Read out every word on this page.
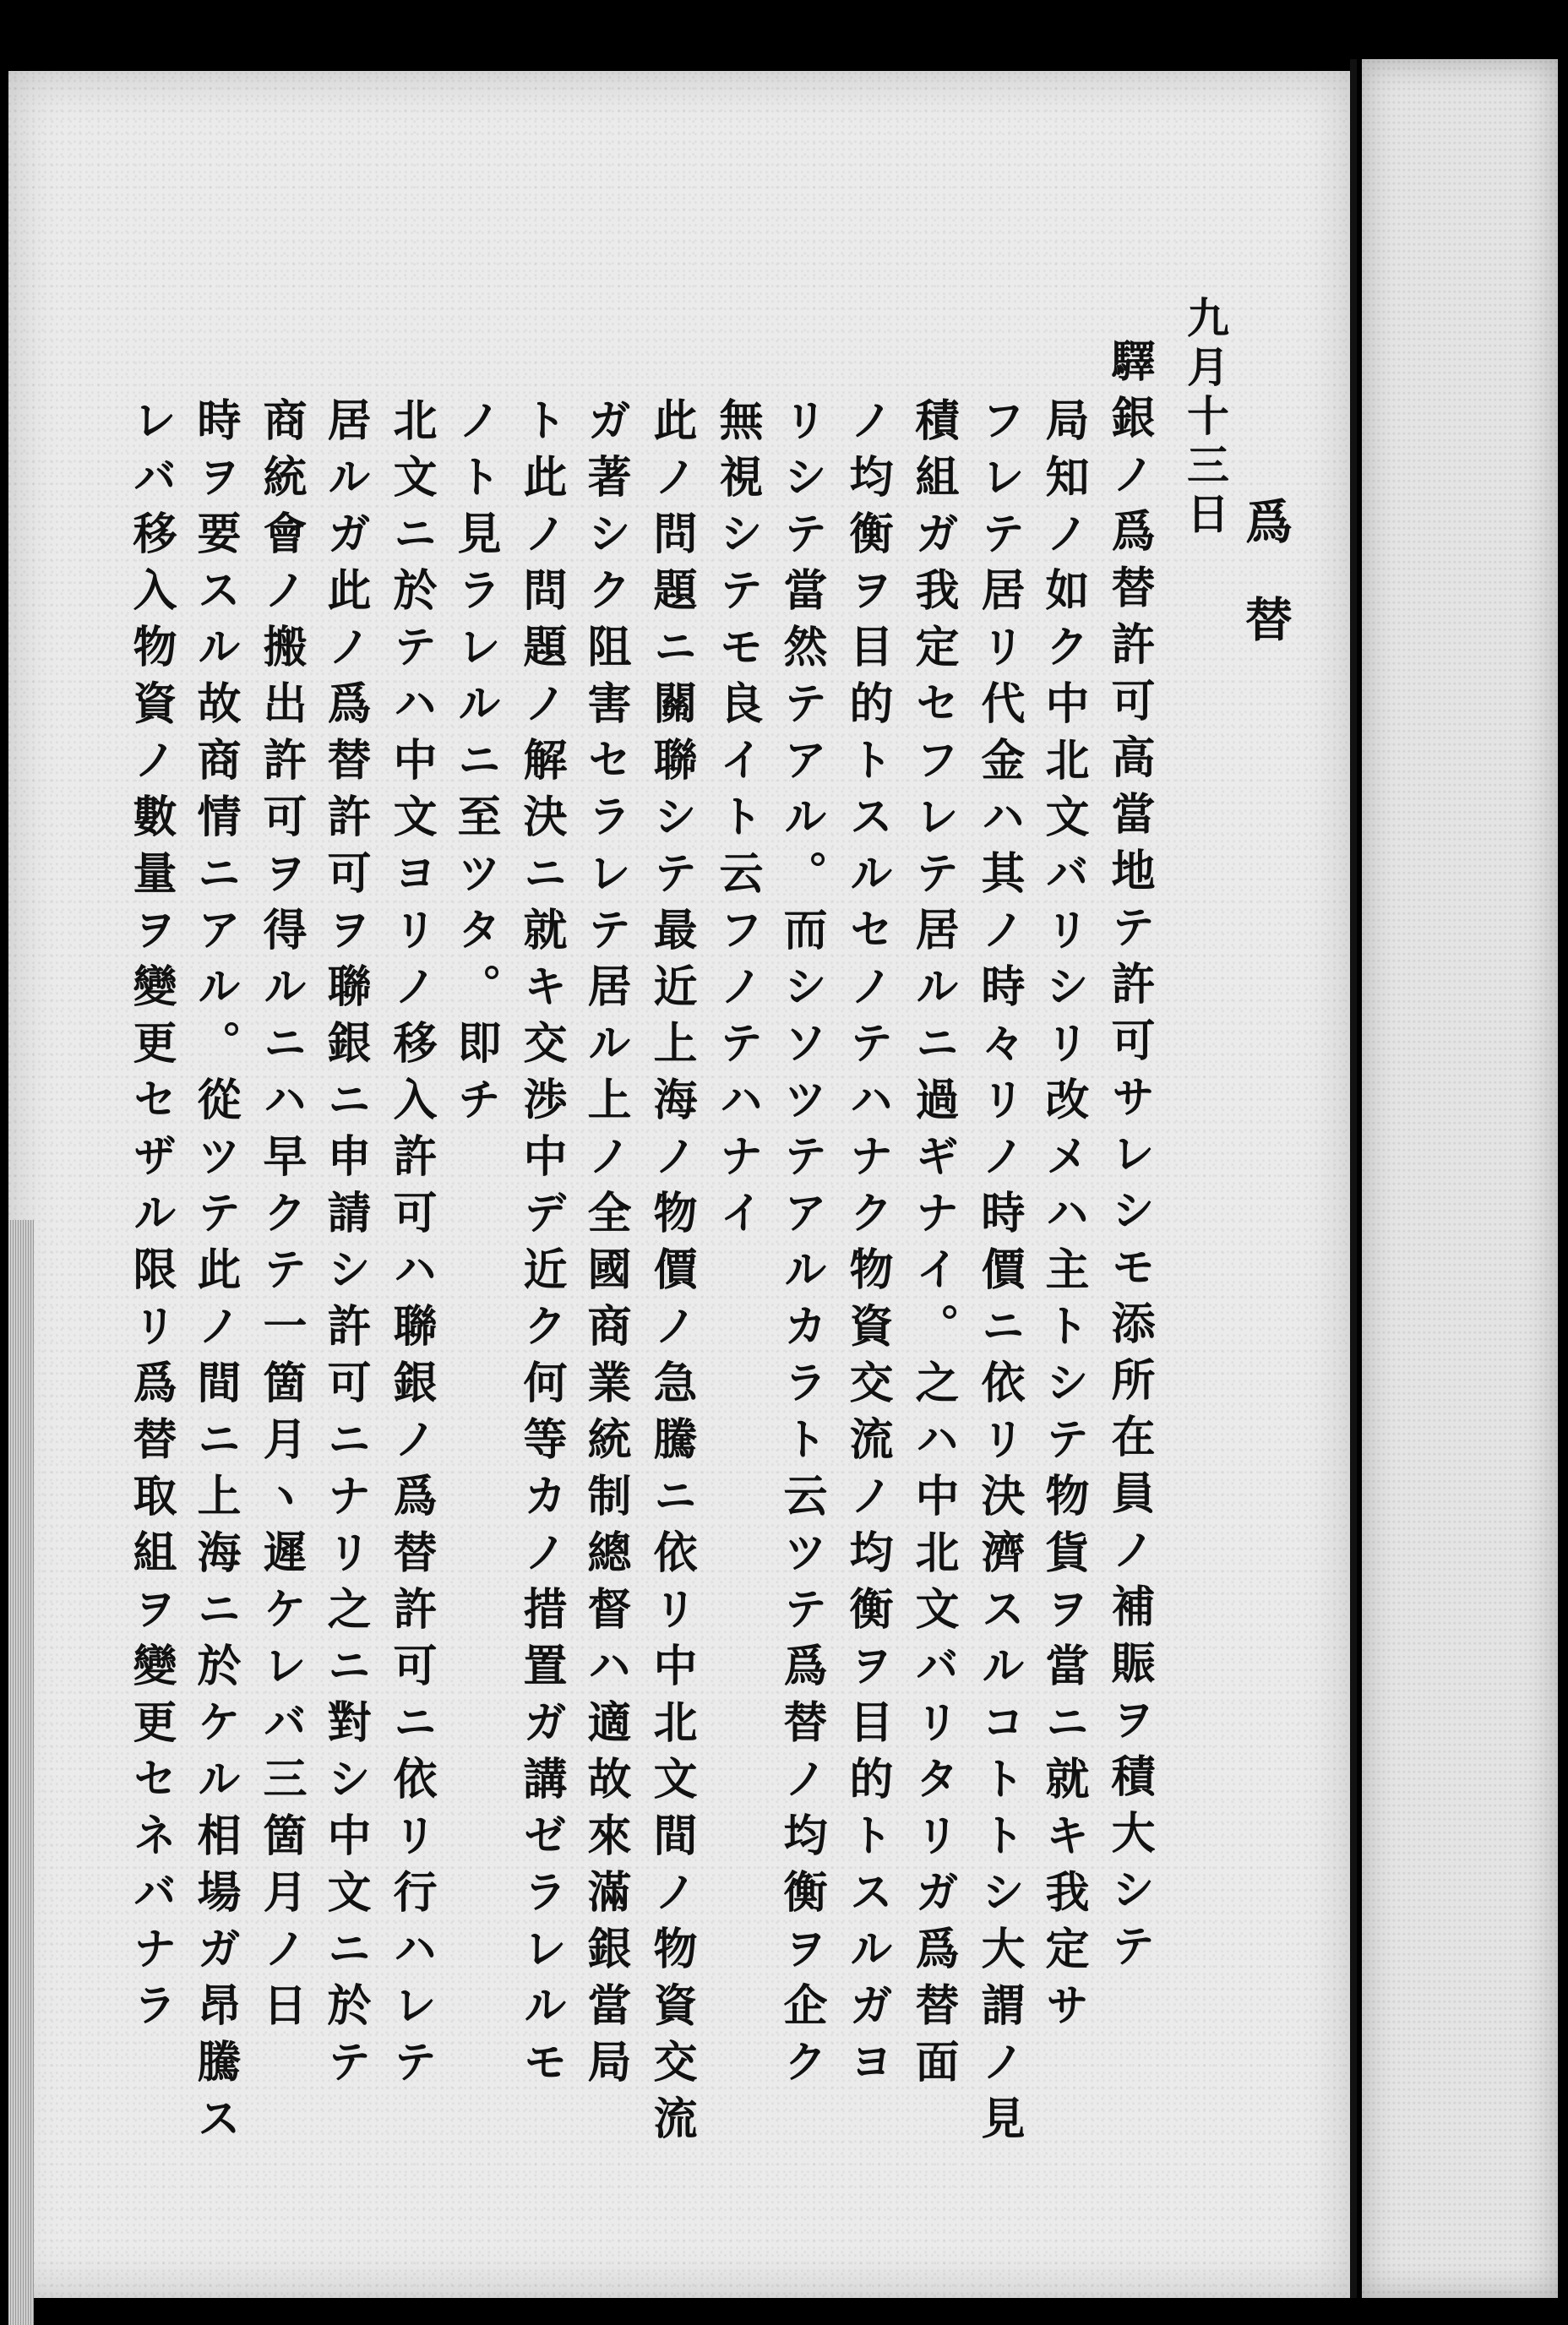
爲替

九月十三日

驛銀ノ爲替許可高當地テ許可サレシモ添所在員ノ補賑ヲ積大シテ

局知ノ如ク中北文バリシリ改メハ主トシテ物貨ヲ當ニ就キ我定サ

フレテ居リ代金ハ其ノ時々リノ時價ニ依リ決濟スルコトトシ大謂ノ見

積組ガ我定セフレテ居ルニ過ギナイ。之ハ中北文バリタリガ爲替面

ノ均衡ヲ目的トスルセノテハナク物資交流ノ均衡ヲ目的トスルガヨ

リシテ當然テアル。而シソツテアルカラト云ツテ爲替ノ均衡ヲ企ク

無視シテモ良イト云フノテハナイ

此ノ問題ニ關聯シテ最近上海ノ物價ノ急騰ニ依リ中北文間ノ物資交流

ガ著シク阻害セラレテ居ル上ノ全國商業統制總督ハ適故來滿銀當局

ト此ノ問題ノ解決ニ就キ交渉中デ近ク何等カノ措置ガ講ゼラレルモ

ノト見ラレルニ至ツタ。即チ

北文ニ於テハ中文ヨリノ移入許可ハ聯銀ノ爲替許可ニ依リ行ハレテ

居ルガ此ノ爲替許可ヲ聯銀ニ申請シ許可ニナリ之ニ對シ中文ニ於テ

商統會ノ搬出許可ヲ得ルニハ早クテ一箇月ヽ遲ケレバ三箇月ノ日

時ヲ要スル故商情ニアル。從ツテ此ノ間ニ上海ニ於ケル相場ガ昂騰ス

レバ移入物資ノ數量ヲ變更セザル限リ爲替取組ヲ變更セネバナラ
